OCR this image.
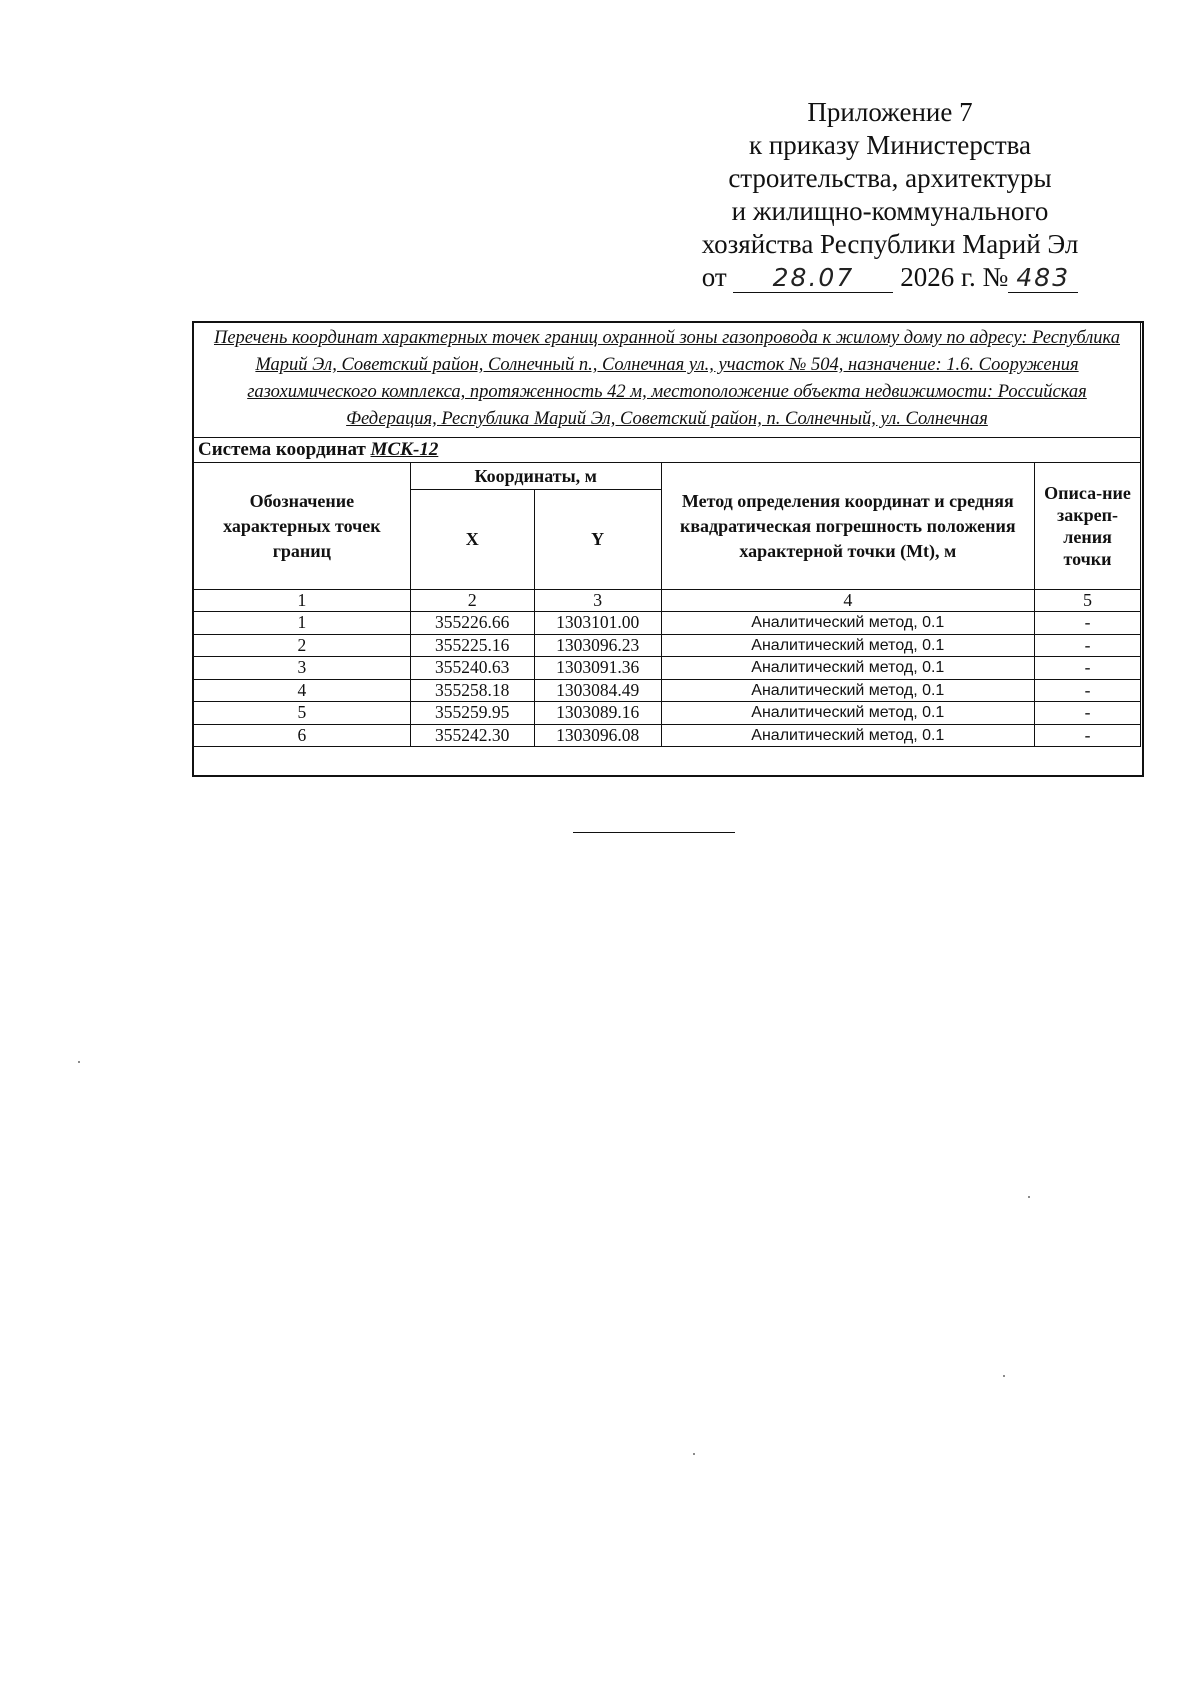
Приложение 7
к приказу Министерства
строительства, архитектуры
и жилищно-коммунального
хозяйства Республики Марий Эл
от 28.07 2026 г. № 483
Перечень координат характерных точек границ охранной зоны газопровода к жилому дому по адресу: Республика Марий Эл, Советский район, Солнечный п., Солнечная ул., участок № 504, назначение: 1.6. Сооружения газохимического комплекса, протяженность 42 м, местоположение объекта недвижимости: Российская Федерация, Республика Марий Эл, Советский район, п. Солнечный, ул. Солнечная				
Система координат МСК-12				
Обозначение характерных точек границ	Координаты, м		Метод определения координат и средняя квадратическая погрешность положения характерной точки (Mt), м	Описа-ние закреп-ления точки
	X	Y		
1	2	3	4	5
1	355226.66	1303101.00	Аналитический метод, 0.1	-
2	355225.16	1303096.23	Аналитический метод, 0.1	-
3	355240.63	1303091.36	Аналитический метод, 0.1	-
4	355258.18	1303084.49	Аналитический метод, 0.1	-
5	355259.95	1303089.16	Аналитический метод, 0.1	-
6	355242.30	1303096.08	Аналитический метод, 0.1	-
